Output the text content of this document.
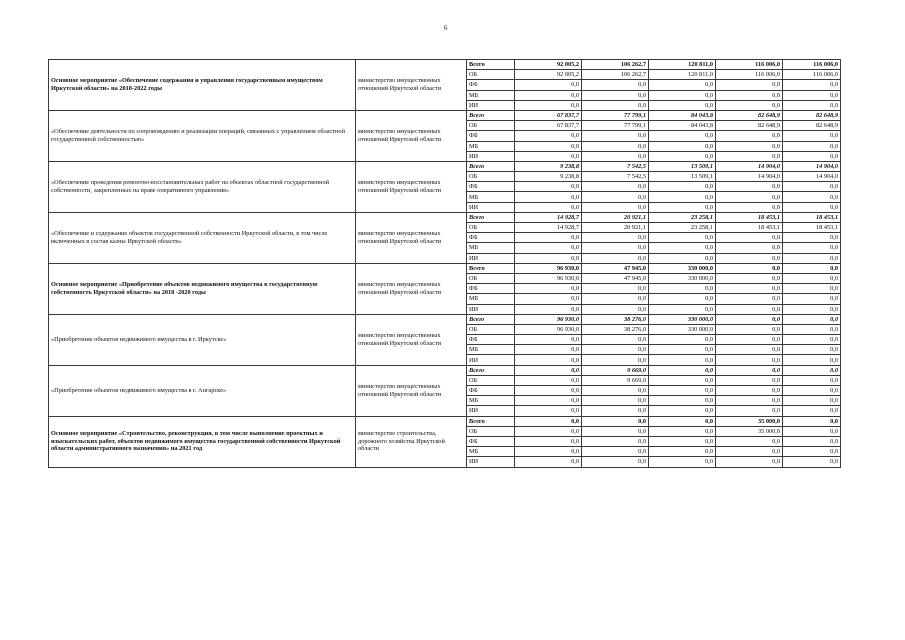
6
Основное мероприятие «Обеспечение содержания и управления государственным имуществом Иркутской области» на 2018-2022 годы	министерство имущественных отношений Иркутской области	Всего	92 005,2	106 262,7	120 811,0	116 006,0	116 006,0
		ОБ	92 005,2	106 262,7	120 811,0	116 006,0	116 006,0
		ФБ	0,0	0,0	0,0	0,0	0,0
		МБ	0,0	0,0	0,0	0,0	0,0
		ИИ	0,0	0,0	0,0	0,0	0,0
«Обеспечение деятельности по сопровождению и реализации операций, связанных с управлением областной государственной собственностью»	министерство имущественных отношений Иркутской области	Всего	67 837,7	77 799,1	84 043,8	82 648,9	82 648,9
		ОБ	67 837,7	77 799,1	84 043,8	82 648,9	82 648,9
		ФБ	0,0	0,0	0,0	0,0	0,0
		МБ	0,0	0,0	0,0	0,0	0,0
		ИИ	0,0	0,0	0,0	0,0	0,0
«Обеспечение проведения ремонтно-восстановительных работ на объектах областной государственной собственности, закрепленных на праве оперативного управления»	министерство имущественных отношений Иркутской области	Всего	9 238,8	7 542,5	13 509,1	14 904,0	14 904,0
		ОБ	9 238,8	7 542,5	13 509,1	14 904,0	14 904,0
		ФБ	0,0	0,0	0,0	0,0	0,0
		МБ	0,0	0,0	0,0	0,0	0,0
		ИИ	0,0	0,0	0,0	0,0	0,0
«Обеспечение и содержание объектов государственной собственности Иркутской области, в том числе включенных в состав казны Иркутской области»	министерство имущественных отношений Иркутской области	Всего	14 928,7	20 921,1	23 258,1	18 453,1	18 453,1
		ОБ	14 928,7	20 921,1	23 258,1	18 453,1	18 453,1
		ФБ	0,0	0,0	0,0	0,0	0,0
		МБ	0,0	0,0	0,0	0,0	0,0
		ИИ	0,0	0,0	0,0	0,0	0,0
Основное мероприятие «Приобретение объектов недвижимого имущества в государственную собственность Иркутской области» на 2018 -2020 годы	министерство имущественных отношений Иркутской области	Всего	96 930,0	47 945,0	330 000,0	0,0	0,0
		ОБ	96 930,0	47 945,0	330 000,0	0,0	0,0
		ФБ	0,0	0,0	0,0	0,0	0,0
		МБ	0,0	0,0	0,0	0,0	0,0
		ИИ	0,0	0,0	0,0	0,0	0,0
«Приобретение объектов недвижимого имущества в г. Иркутске»	министерство имущественных отношений Иркутской области	Всего	96 930,0	38 276,0	330 000,0	0,0	0,0
		ОБ	96 930,0	38 276,0	330 000,0	0,0	0,0
		ФБ	0,0	0,0	0,0	0,0	0,0
		МБ	0,0	0,0	0,0	0,0	0,0
		ИИ	0,0	0,0	0,0	0,0	0,0
«Приобретение объектов недвижимого имущества в г. Ангарске»	министерство имущественных отношений Иркутской области	Всего	0,0	9 669,0	0,0	0,0	0,0
		ОБ	0,0	9 669,0	0,0	0,0	0,0
		ФБ	0,0	0,0	0,0	0,0	0,0
		МБ	0,0	0,0	0,0	0,0	0,0
		ИИ	0,0	0,0	0,0	0,0	0,0
Основное мероприятие «Строительство, реконструкция, в том числе выполнение проектных и изыскательских работ, объектов недвижимого имущества государственной собственности Иркутской области административного назначения» на 2021 год	министерство строительства, дорожного хозяйства Иркутской области	Всего	0,0	0,0	0,0	35 000,0	0,0
		ОБ	0,0	0,0	0,0	35 000,0	0,0
		ФБ	0,0	0,0	0,0	0,0	0,0
		МБ	0,0	0,0	0,0	0,0	0,0
		ИИ	0,0	0,0	0,0	0,0	0,0
